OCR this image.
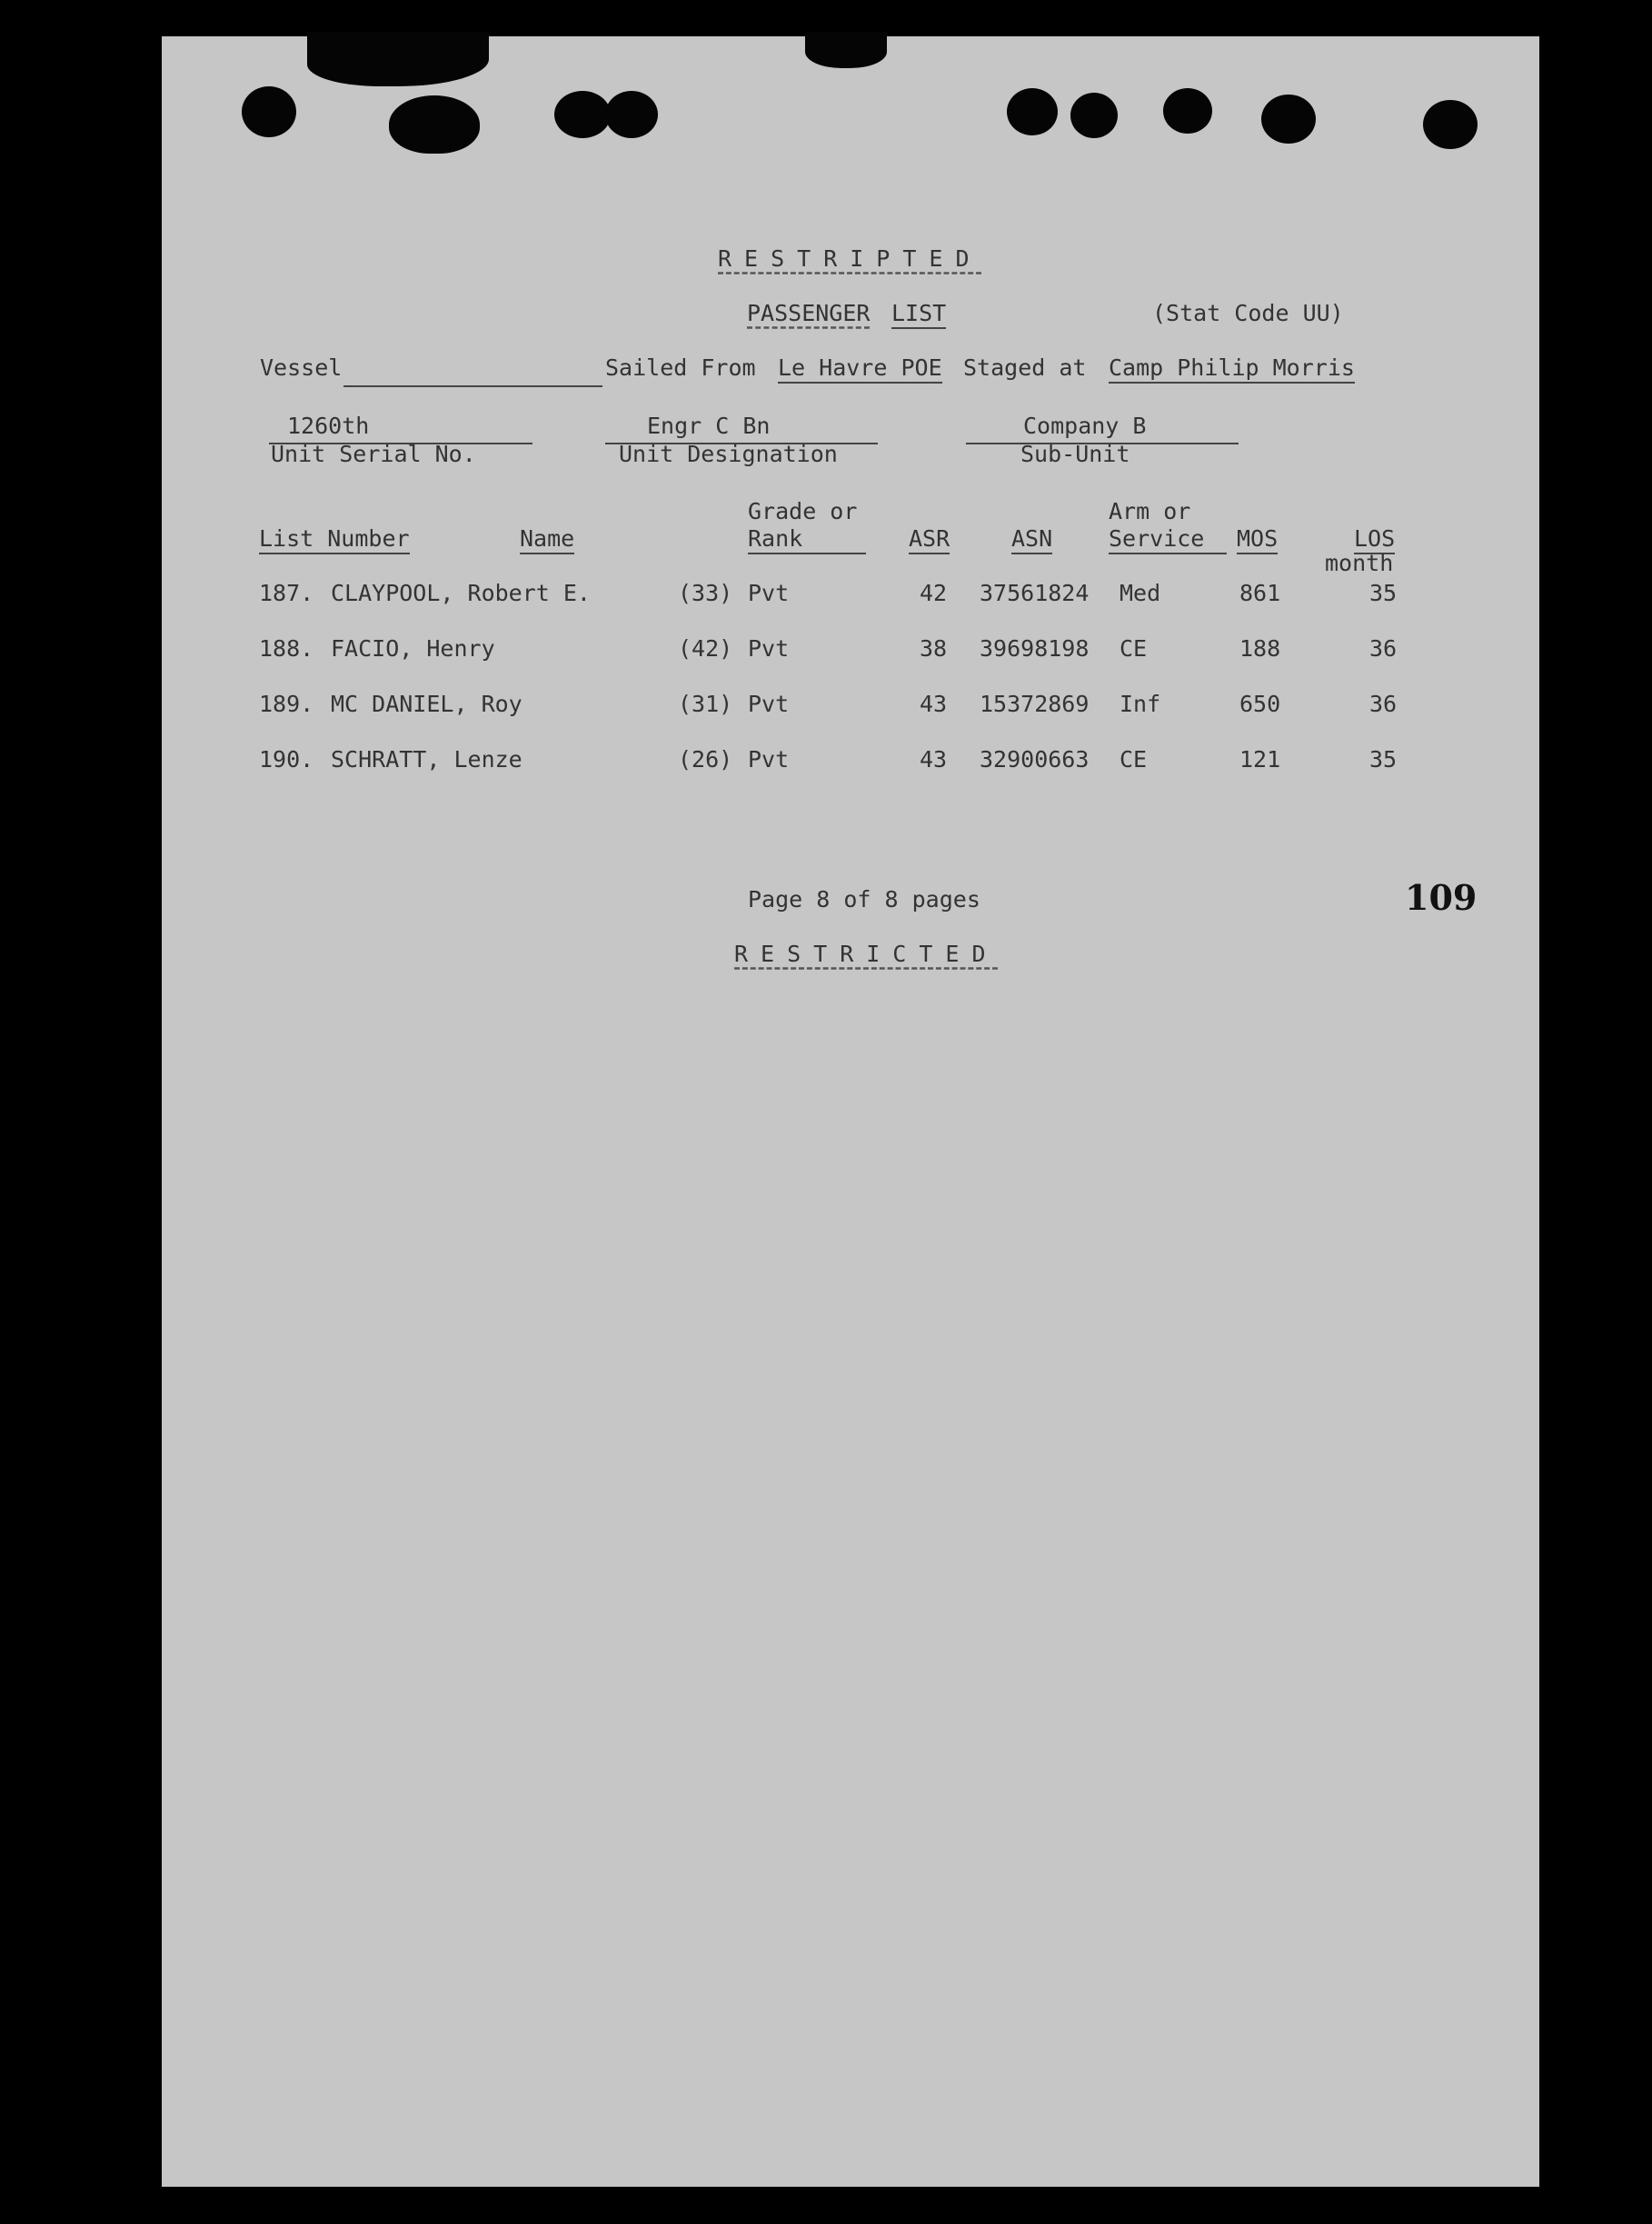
RESTRIPTED
PASSENGER LIST	(Stat Code UU)
Vessel	Sailed From Le Havre POE Staged at Camp Philip Morris
1260th
Unit Serial No.
Engr C Bn
Unit Designation
Company B
Sub-Unit
Grade or	Arm or
List Number	Name	Rank	ASR	ASN Service	MOS	LOS
month
187. CLAYPOOL, Robert E.	(33) Pvt	42 37561824 Med	861	35
188. FACIO, Henry	(42) Pvt	38 39698198 CE	188	36
189. MC DANIEL, Roy	(31) Pvt	43 15372869 Inf	650	36
190. SCHRATT, Lenze	(26) Pvt	43 32900663 CE	121	35
109
Page 8 of 8 pages
RESTRICTED
